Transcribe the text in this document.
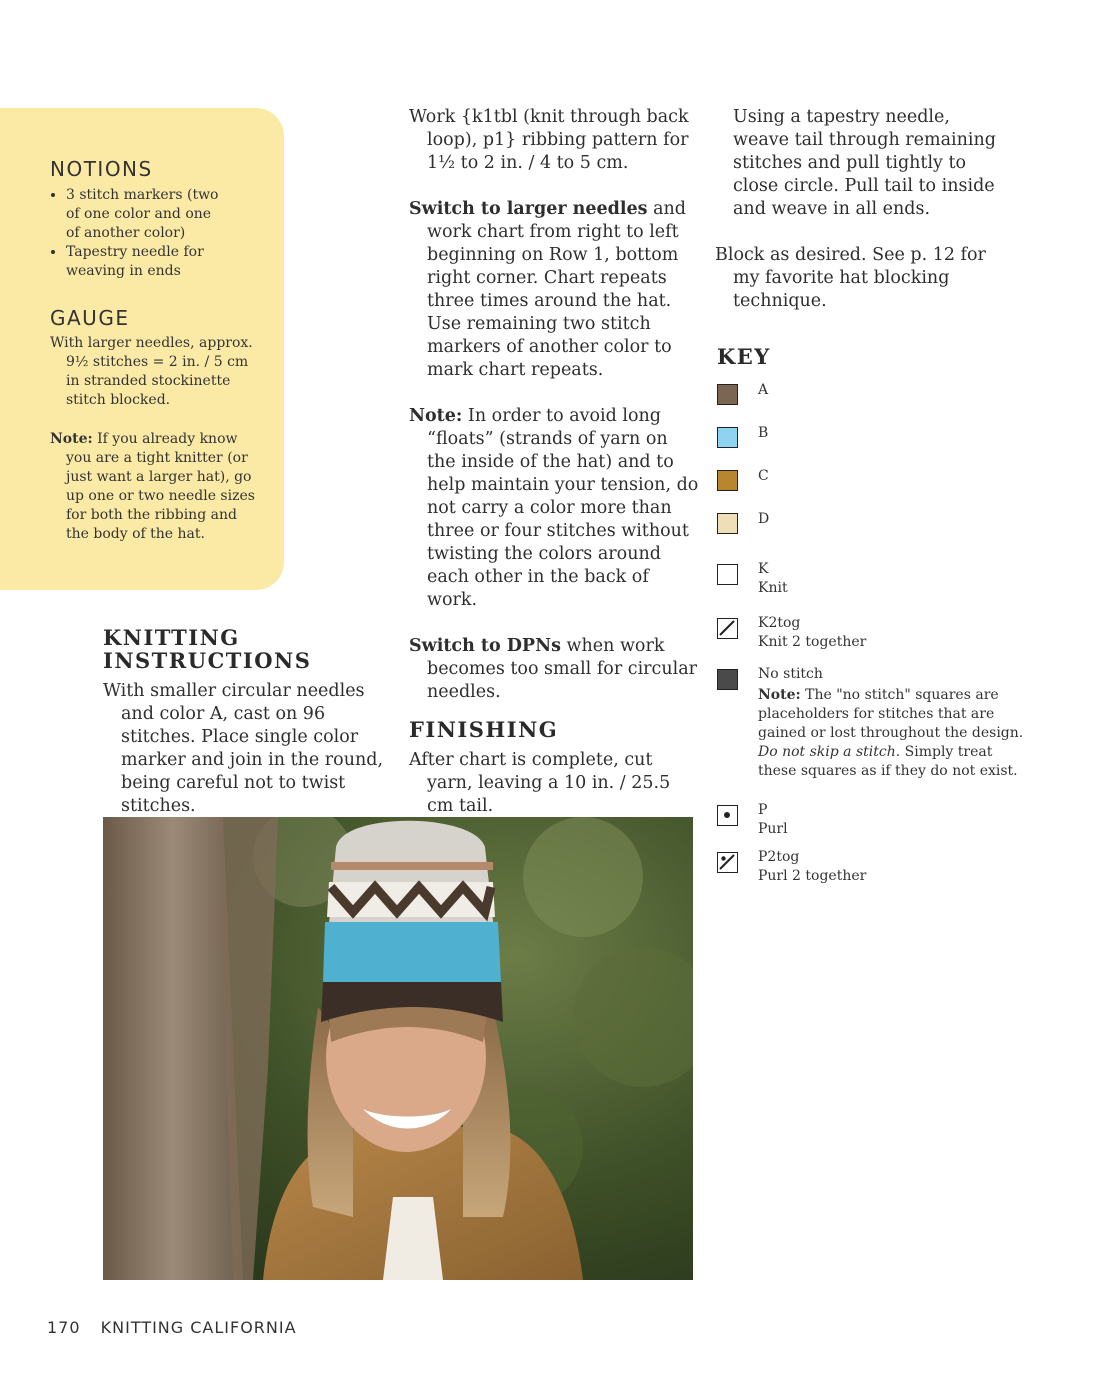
NOTIONS
• 3 stitch markers (two of one color and one of another color)
• Tapestry needle for weaving in ends
GAUGE
With larger needles, approx. 9½ stitches = 2 in. / 5 cm in stranded stockinette stitch blocked.
Note: If you already know you are a tight knitter (or just want a larger hat), go up one or two needle sizes for both the ribbing and the body of the hat.
KNITTING
INSTRUCTIONS

With smaller circular needles and color A, cast on 96 stitches. Place single color marker and join in the round, being careful not to twist stitches.

Work {k1tbl (knit through back loop), p1} ribbing pattern for 1½ to 2 in. / 4 to 5 cm.

Switch to larger needles and work chart from right to left beginning on Row 1, bottom right corner. Chart repeats three times around the hat. Use remaining two stitch markers of another color to mark chart repeats.

Note: In order to avoid long “floats” (strands of yarn on the inside of the hat) and to help maintain your tension, do not carry a color more than three or four stitches without twisting the colors around each other in the back of work.

Switch to DPNs when work becomes too small for circular needles.

FINISHING

After chart is complete, cut yarn, leaving a 10 in. / 25.5 cm tail.

Using a tapestry needle, weave tail through remaining stitches and pull tightly to close circle. Pull tail to inside and weave in all ends.

Block as desired. See p. 12 for my favorite hat blocking technique.

KEY
A
B
C
D
K
Knit
K2tog
Knit 2 together
No stitch
Note: The "no stitch" squares are
placeholders for stitches that are
gained or lost throughout the design.
Do not skip a stitch. Simply treat
these squares as if they do not exist.
P
Purl
P2tog
Purl 2 together
170 KNITTING CALIFORNIA
